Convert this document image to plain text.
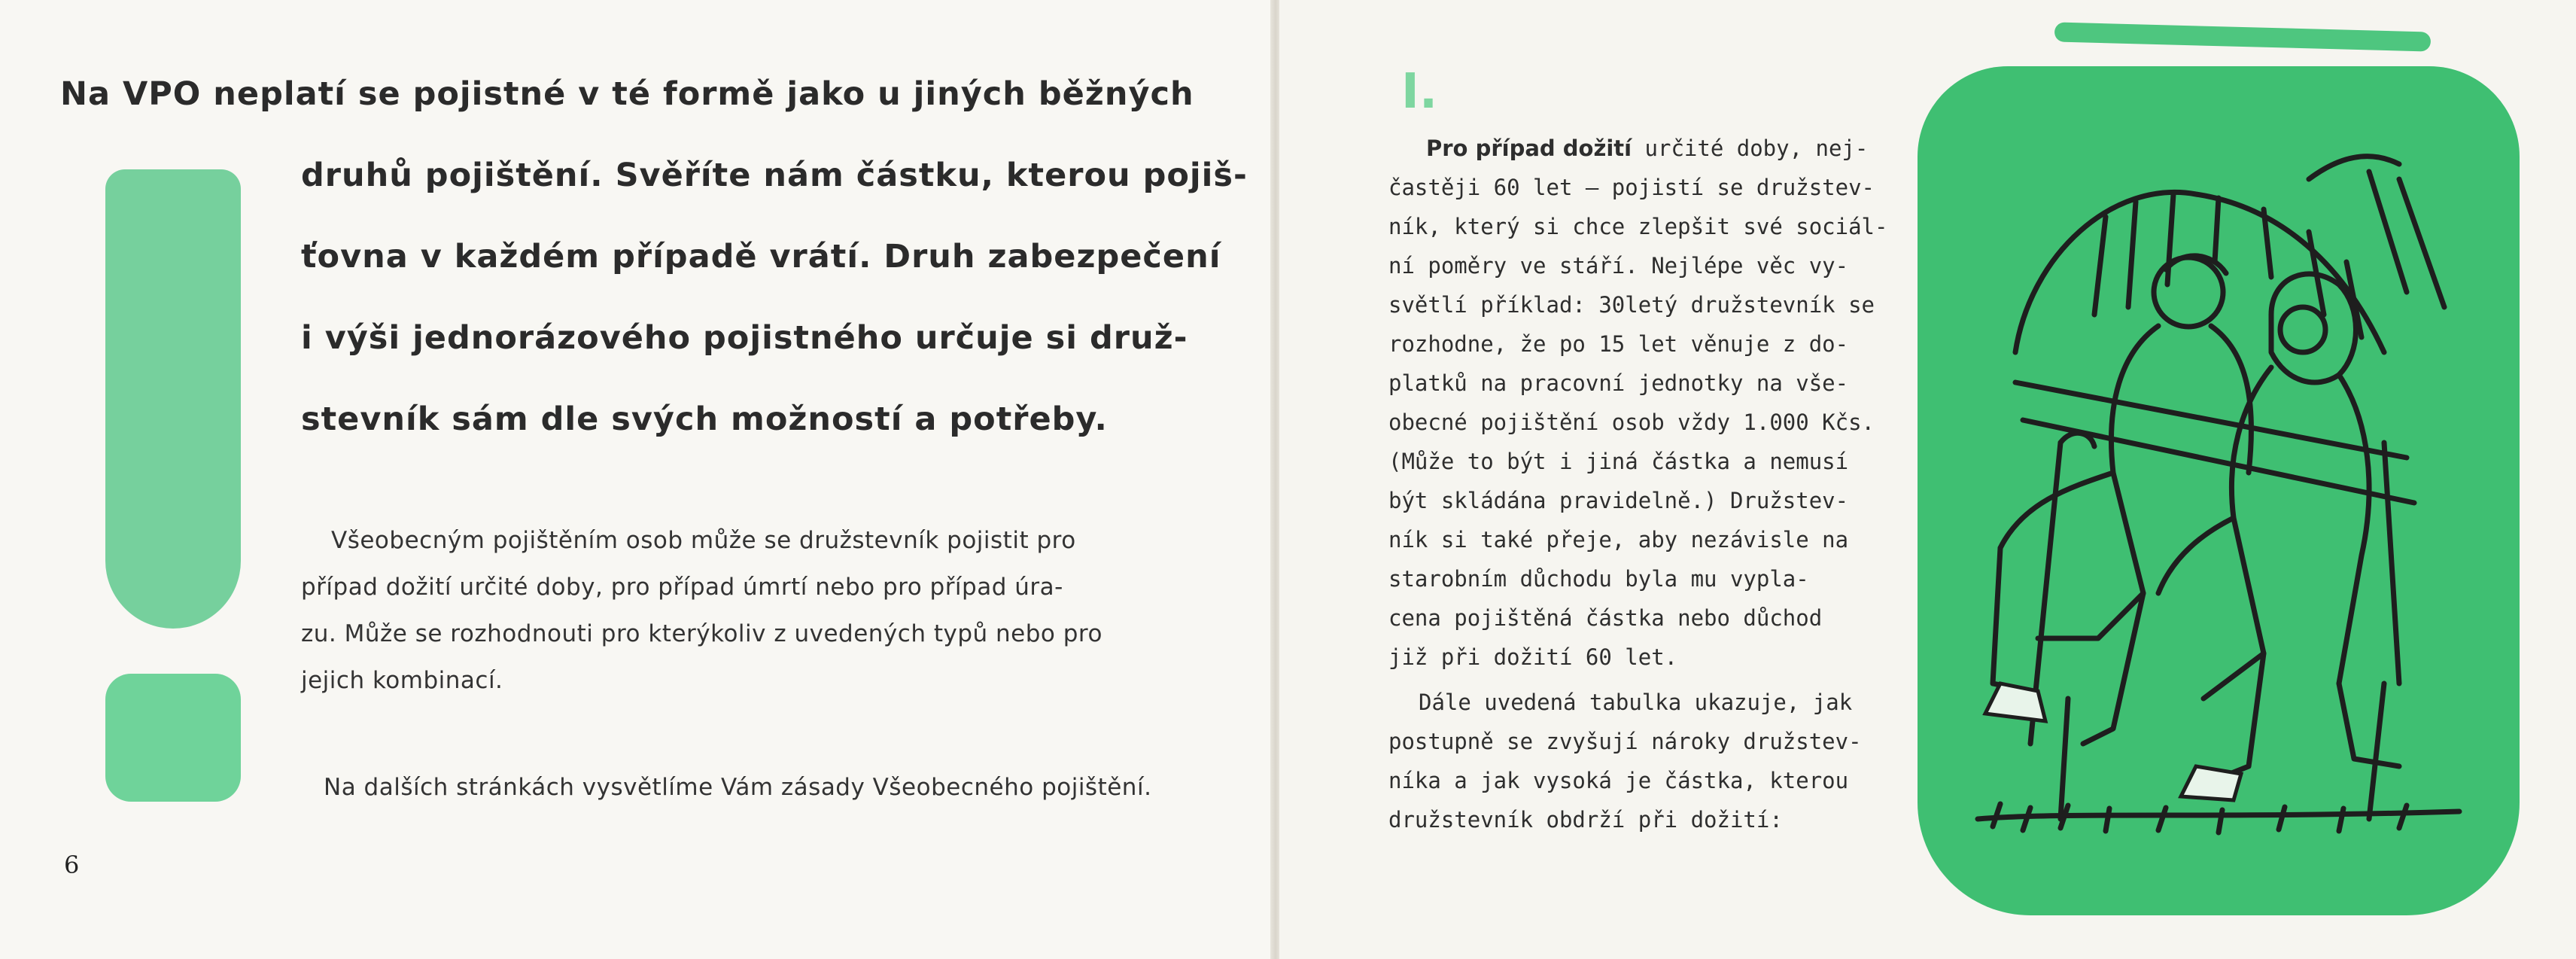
Na VPO neplatí se pojistné v té formě jako u jiných běžných
druhů pojištění. Svěříte nám částku, kterou pojiš-
ťovna v každém případě vrátí. Druh zabezpečení
i výši jednorázového pojistného určuje si druž-
stevník sám dle svých možností a potřeby.
Všeobecným pojištěním osob může se družstevník pojistit pro
případ dožití určité doby, pro případ úmrtí nebo pro případ úra-
zu. Může se rozhodnouti pro kterýkoliv z uvedených typů nebo pro
jejich kombinací.
Na dalších stránkách vysvětlíme Vám zásady Všeobecného pojištění.
6
I.
Pro případ dožití určité doby, nej-
častěji 60 let — pojistí se družstev-
ník, který si chce zlepšit své sociál-
ní poměry ve stáří. Nejlépe věc vy-
světlí příklad: 30letý družstevník se
rozhodne, že po 15 let věnuje z do-
platků na pracovní jednotky na vše-
obecné pojištění osob vždy 1.000 Kčs.
(Může to být i jiná částka a nemusí
být skládána pravidelně.) Družstev-
ník si také přeje, aby nezávisle na
starobním důchodu byla mu vypla-
cena pojištěná částka nebo důchod
již při dožití 60 let.
Dále uvedená tabulka ukazuje, jak
postupně se zvyšují nároky družstev-
níka a jak vysoká je částka, kterou
družstevník obdrží při dožití:
